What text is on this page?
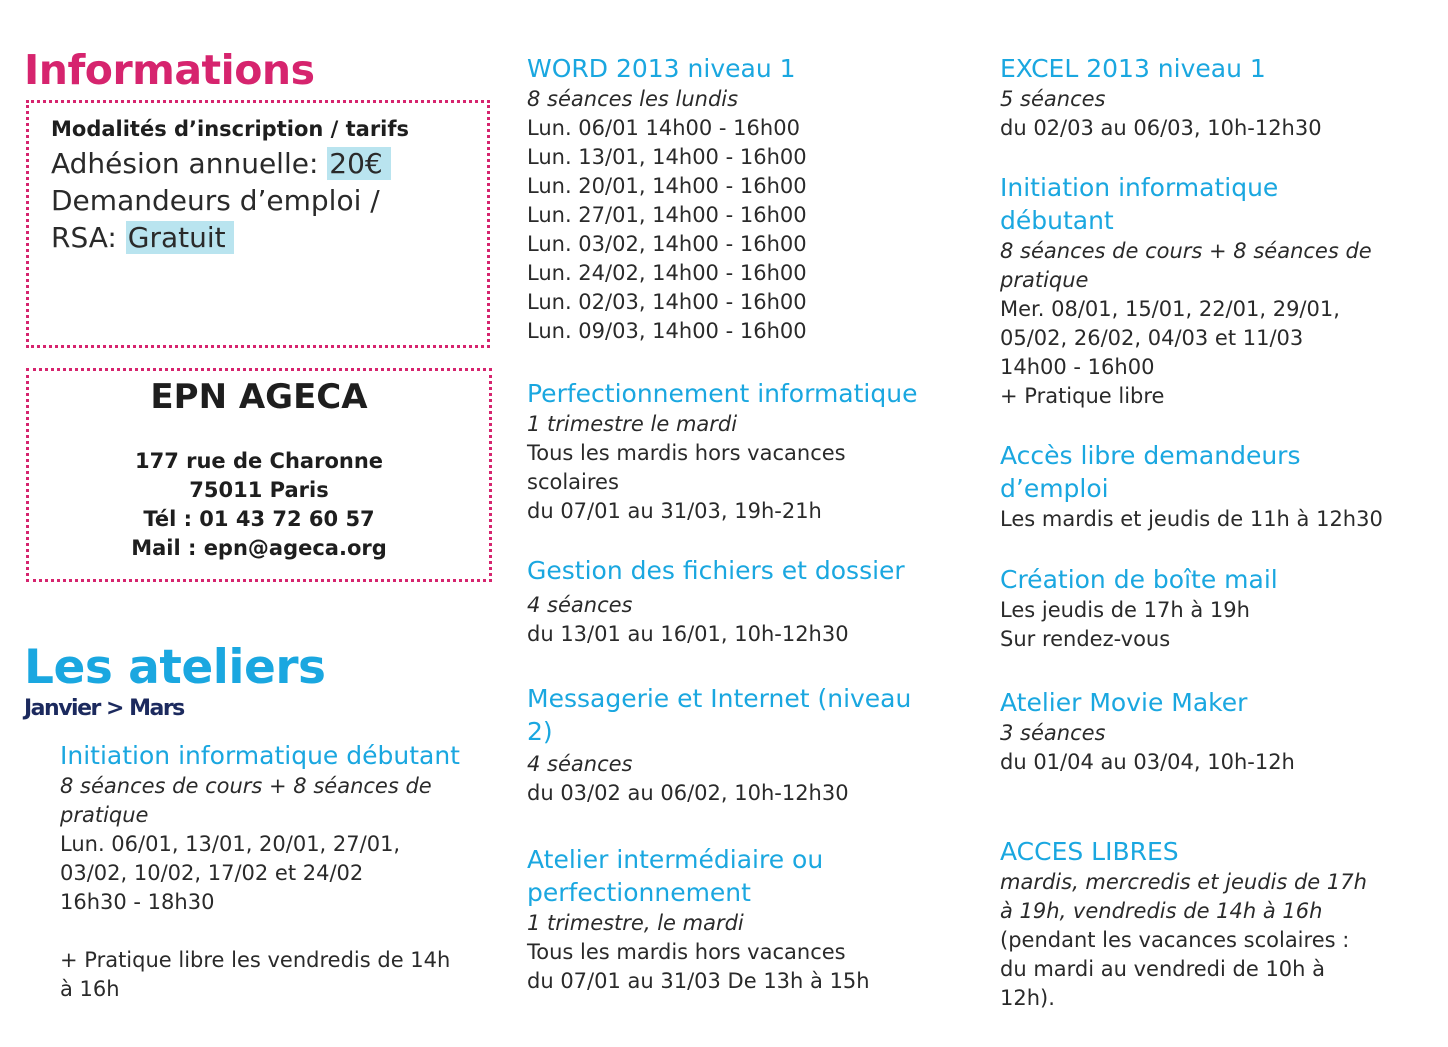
Informations
Modalités d’inscription / tarifs
Adhésion annuelle: 20€
Demandeurs d’emploi /
RSA: Gratuit
EPN AGECA
177 rue de Charonne
75011 Paris
Tél : 01 43 72 60 57
Mail : epn@ageca.org
Les ateliers
Janvier > Mars
Initiation informatique débutant
8 séances de cours + 8 séances de
pratique
Lun. 06/01, 13/01, 20/01, 27/01,
03/02, 10/02, 17/02 et 24/02
16h30 - 18h30
+ Pratique libre les vendredis de 14h
à 16h
WORD 2013 niveau 1
8 séances les lundis
Lun. 06/01 14h00 - 16h00
Lun. 13/01, 14h00 - 16h00
Lun. 20/01, 14h00 - 16h00
Lun. 27/01, 14h00 - 16h00
Lun. 03/02, 14h00 - 16h00
Lun. 24/02, 14h00 - 16h00
Lun. 02/03, 14h00 - 16h00
Lun. 09/03, 14h00 - 16h00
Perfectionnement informatique
1 trimestre le mardi
Tous les mardis hors vacances
scolaires
du 07/01 au 31/03, 19h-21h
Gestion des fichiers et dossier
4 séances
du 13/01 au 16/01, 10h-12h30
Messagerie et Internet (niveau
2)
4 séances
du 03/02 au 06/02, 10h-12h30
Atelier intermédiaire ou
perfectionnement
1 trimestre, le mardi
Tous les mardis hors vacances
du 07/01 au 31/03 De 13h à 15h
EXCEL 2013 niveau 1
5 séances
du 02/03 au 06/03, 10h-12h30
Initiation informatique
débutant
8 séances de cours + 8 séances de
pratique
Mer. 08/01, 15/01, 22/01, 29/01,
05/02, 26/02, 04/03 et 11/03
14h00 - 16h00
+ Pratique libre
Accès libre demandeurs
d’emploi
Les mardis et jeudis de 11h à 12h30
Création de boîte mail
Les jeudis de 17h à 19h
Sur rendez-vous
Atelier Movie Maker
3 séances
du 01/04 au 03/04, 10h-12h
ACCES LIBRES
mardis, mercredis et jeudis de 17h
à 19h, vendredis de 14h à 16h
(pendant les vacances scolaires :
du mardi au vendredi de 10h à
12h).
